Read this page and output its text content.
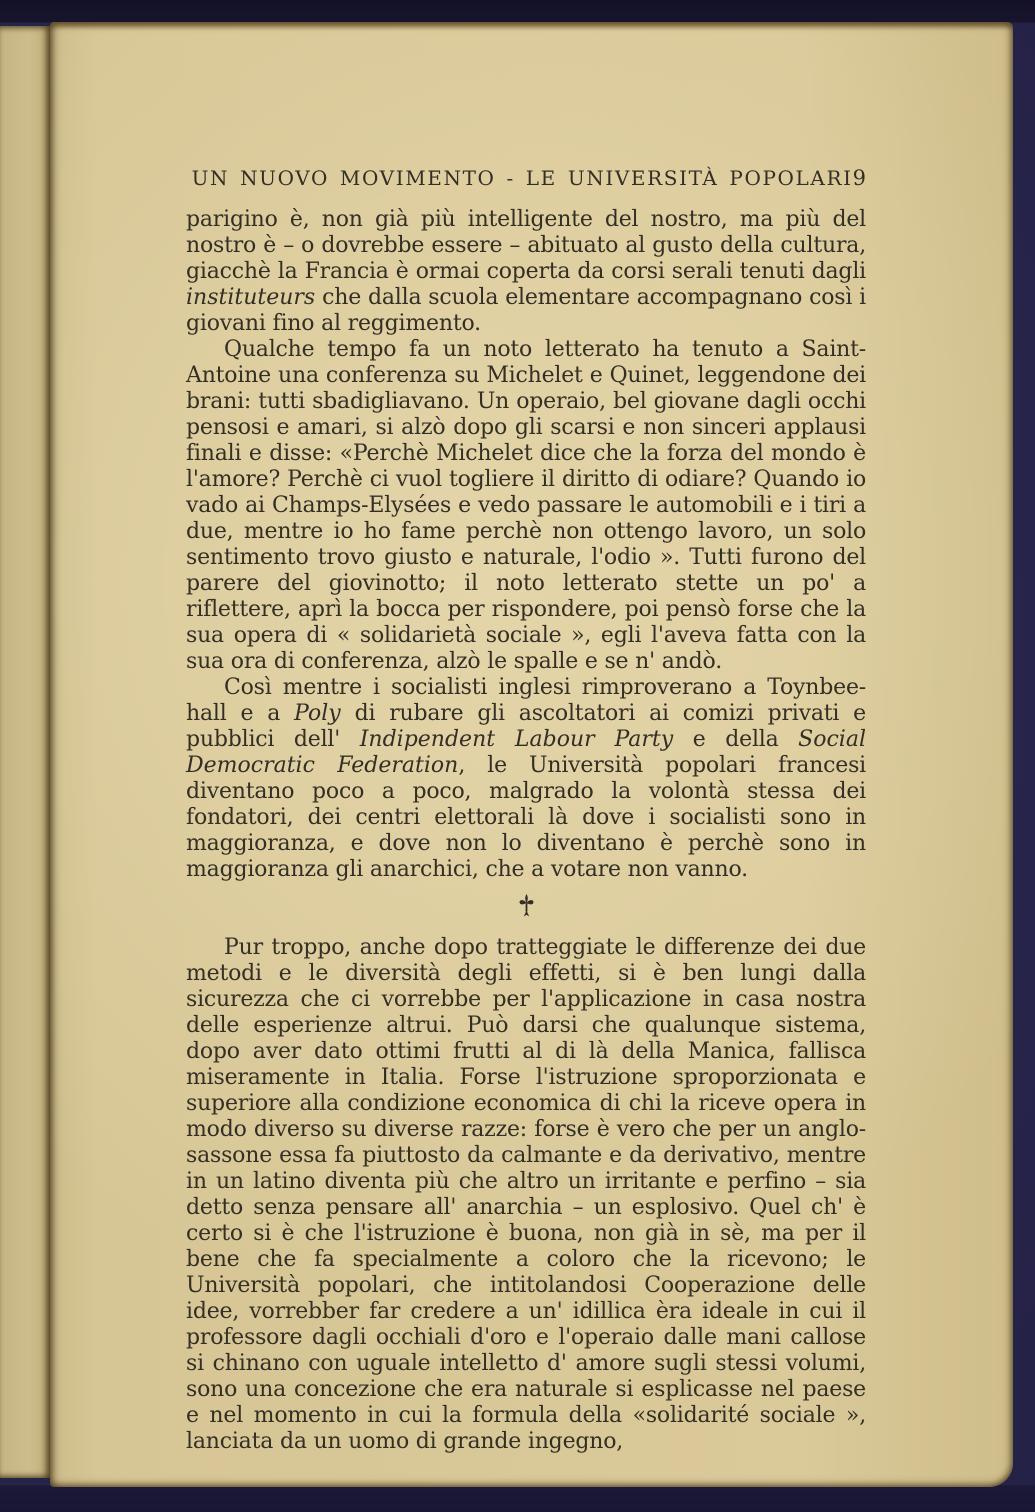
UN NUOVO MOVIMENTO - LE UNIVERSITÀ POPOLARI 9

parigino è, non già più intelligente del nostro, ma più del nostro è – o dovrebbe essere – abituato al gusto della cultura, giacchè la Francia è ormai coperta da corsi serali tenuti dagli instituteurs che dalla scuola elementare accompagnano così i giovani fino al reggimento.

Qualche tempo fa un noto letterato ha tenuto a Saint-Antoine una conferenza su Michelet e Quinet, leggendone dei brani: tutti sbadigliavano. Un operaio, bel giovane dagli occhi pensosi e amari, si alzò dopo gli scarsi e non sinceri applausi finali e disse: «Perchè Michelet dice che la forza del mondo è l'amore? Perchè ci vuol togliere il diritto di odiare? Quando io vado ai Champs-Elysées e vedo passare le automobili e i tiri a due, mentre io ho fame perchè non ottengo lavoro, un solo sentimento trovo giusto e naturale, l'odio ». Tutti furono del parere del giovinotto; il noto letterato stette un po' a riflettere, aprì la bocca per rispondere, poi pensò forse che la sua opera di « solidarietà sociale », egli l'aveva fatta con la sua ora di conferenza, alzò le spalle e se n' andò.

Così mentre i socialisti inglesi rimproverano a Toynbee-hall e a Poly di rubare gli ascoltatori ai comizi privati e pubblici dell' Indipendent Labour Party e della Social Democratic Federation, le Università popolari francesi diventano poco a poco, malgrado la volontà stessa dei fondatori, dei centri elettorali là dove i socialisti sono in maggioranza, e dove non lo diventano è perchè sono in maggioranza gli anarchici, che a votare non vanno.

Pur troppo, anche dopo tratteggiate le differenze dei due metodi e le diversità degli effetti, si è ben lungi dalla sicurezza che ci vorrebbe per l'applicazione in casa nostra delle esperienze altrui. Può darsi che qualunque sistema, dopo aver dato ottimi frutti al di là della Manica, fallisca miseramente in Italia. Forse l'istruzione sproporzionata e superiore alla condizione economica di chi la riceve opera in modo diverso su diverse razze: forse è vero che per un anglo-sassone essa fa piuttosto da calmante e da derivativo, mentre in un latino diventa più che altro un irritante e perfino – sia detto senza pensare all' anarchia – un esplosivo. Quel ch' è certo si è che l'istruzione è buona, non già in sè, ma per il bene che fa specialmente a coloro che la ricevono; le Università popolari, che intitolandosi Cooperazione delle idee, vorrebber far credere a un' idillica èra ideale in cui il professore dagli occhiali d'oro e l'operaio dalle mani callose si chinano con uguale intelletto d' amore sugli stessi volumi, sono una concezione che era naturale si esplicasse nel paese e nel momento in cui la formula della «solidarité sociale », lanciata da un uomo di grande ingegno,
